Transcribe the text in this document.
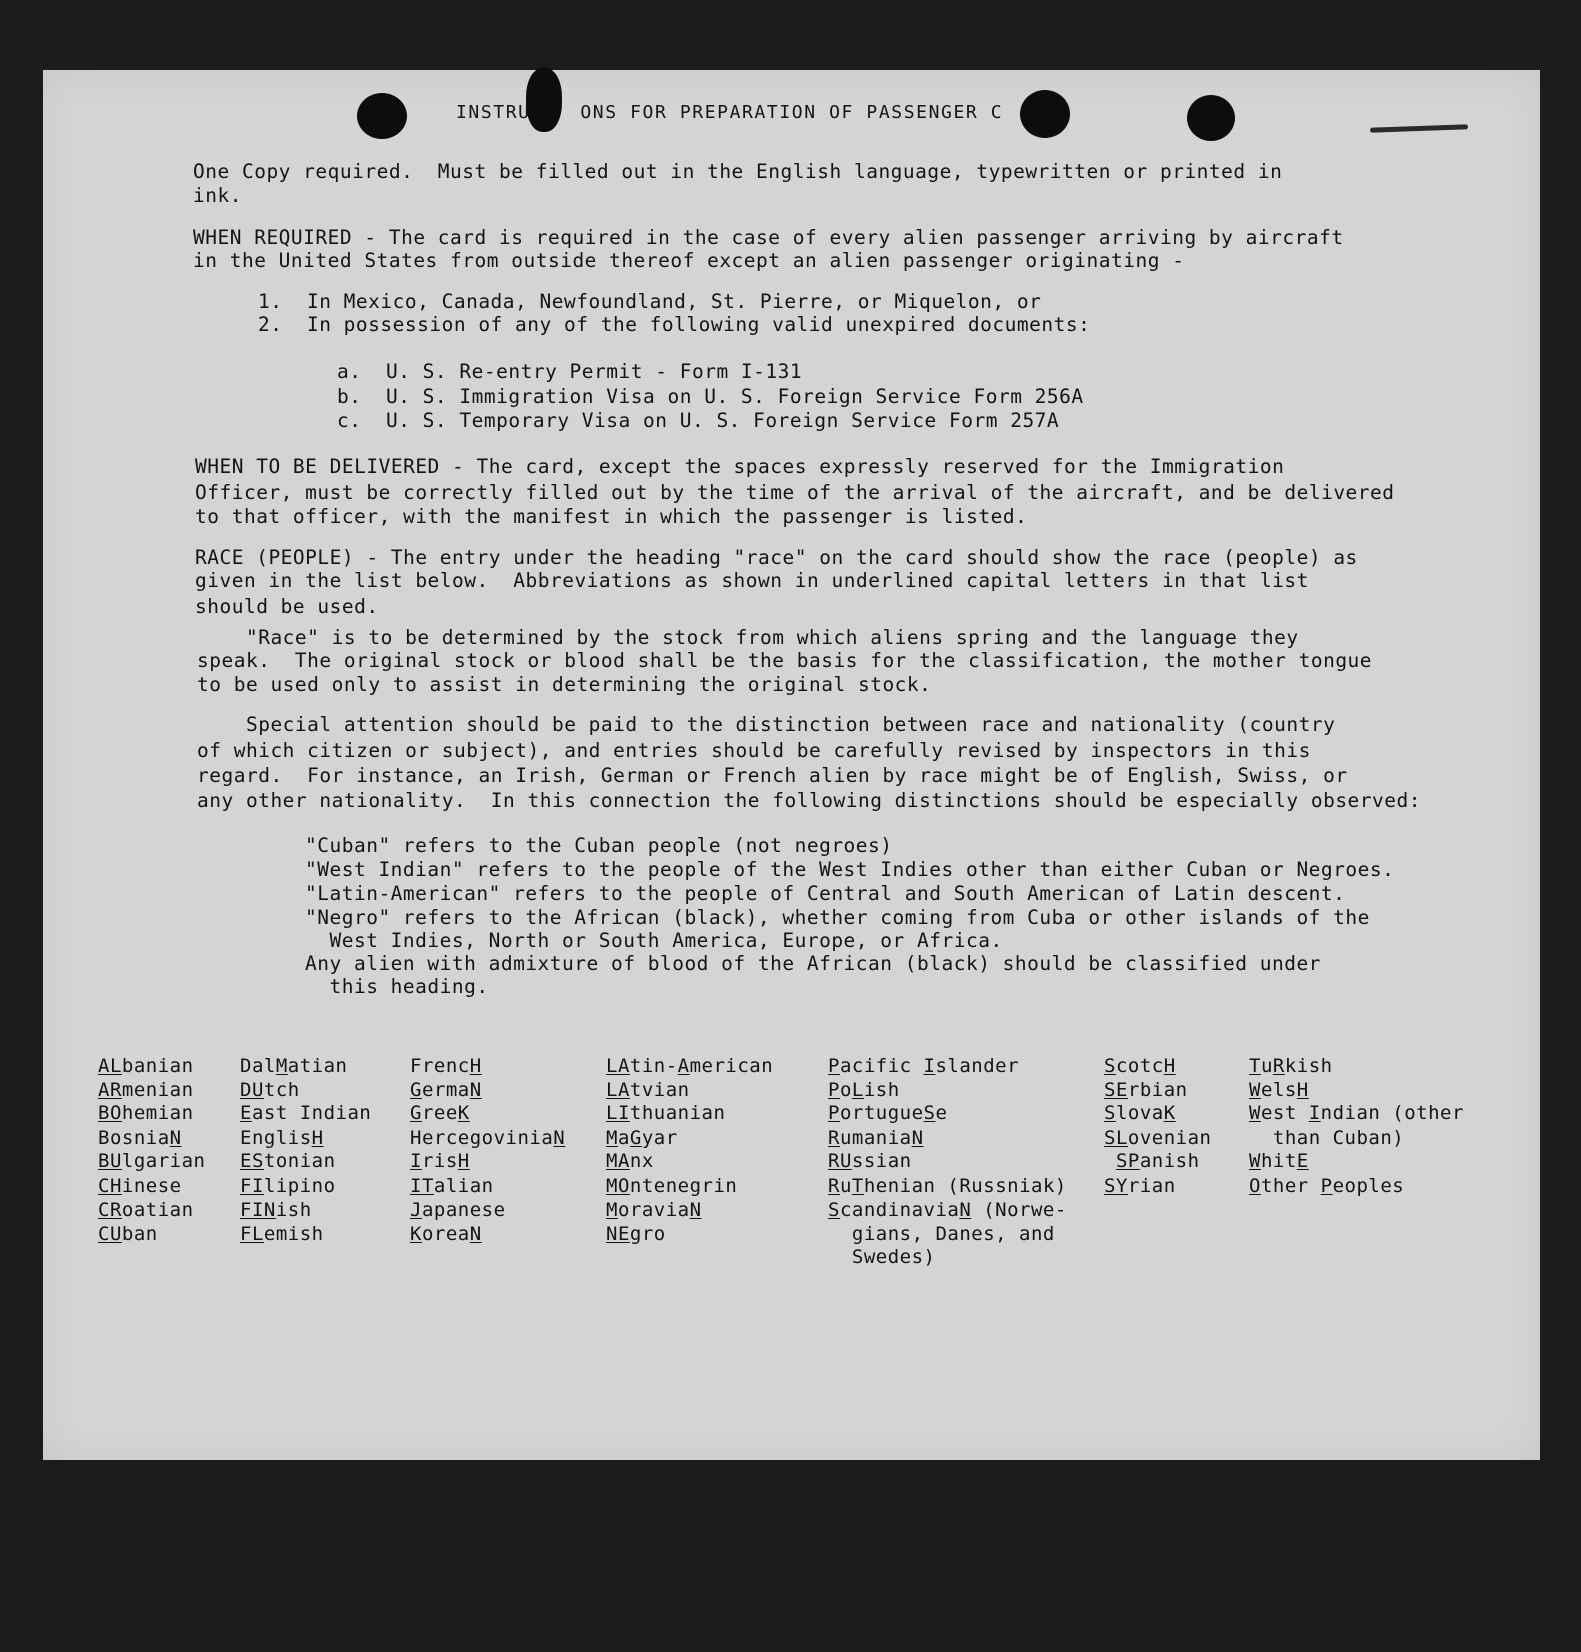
INSTRU    ONS FOR PREPARATION OF PASSENGER C
One Copy required.  Must be filled out in the English language, typewritten or printed in
ink.
WHEN REQUIRED - The card is required in the case of every alien passenger arriving by aircraft
in the United States from outside thereof except an alien passenger originating -
1.  In Mexico, Canada, Newfoundland, St. Pierre, or Miquelon, or
2.  In possession of any of the following valid unexpired documents:
a.  U. S. Re-entry Permit - Form I-131
b.  U. S. Immigration Visa on U. S. Foreign Service Form 256A
c.  U. S. Temporary Visa on U. S. Foreign Service Form 257A
WHEN TO BE DELIVERED - The card, except the spaces expressly reserved for the Immigration
Officer, must be correctly filled out by the time of the arrival of the aircraft, and be delivered
to that officer, with the manifest in which the passenger is listed.
RACE (PEOPLE) - The entry under the heading "race" on the card should show the race (people) as
given in the list below.  Abbreviations as shown in underlined capital letters in that list
should be used.
"Race" is to be determined by the stock from which aliens spring and the language they
speak.  The original stock or blood shall be the basis for the classification, the mother tongue
to be used only to assist in determining the original stock.
Special attention should be paid to the distinction between race and nationality (country
of which citizen or subject), and entries should be carefully revised by inspectors in this
regard.  For instance, an Irish, German or French alien by race might be of English, Swiss, or
any other nationality.  In this connection the following distinctions should be especially observed:
"Cuban" refers to the Cuban people (not negroes)
"West Indian" refers to the people of the West Indies other than either Cuban or Negroes.
"Latin-American" refers to the people of Central and South American of Latin descent.
"Negro" refers to the African (black), whether coming from Cuba or other islands of the
West Indies, North or South America, Europe, or Africa.
Any alien with admixture of blood of the African (black) should be classified under
this heading.
ALbanian
ARmenian
BOhemian
BosniaN
BUlgarian
CHinese
CRoatian
CUban
DalMatian
DUtch
East Indian
EnglisH
EStonian
FIlipino
FINish
FLemish
FrencH
GermaN
GreeK
HercegoviniaN
IrisH
ITalian
Japanese
KoreaN
LAtin-American
LAtvian
LIthuanian
MaGyar
MAnx
MOntenegrin
MoraviaN
NEgro
Pacific Islander
PoLish
PortugueSe
RumaniaN
RUssian
RuThenian (Russniak)
ScandinaviaN (Norwe-
gians, Danes, and
Swedes)
ScotcH
SErbian
SlovaK
SLovenian
SPanish
SYrian
TuRkish
WelsH
West Indian (other
than Cuban)
WhitE
Other Peoples
